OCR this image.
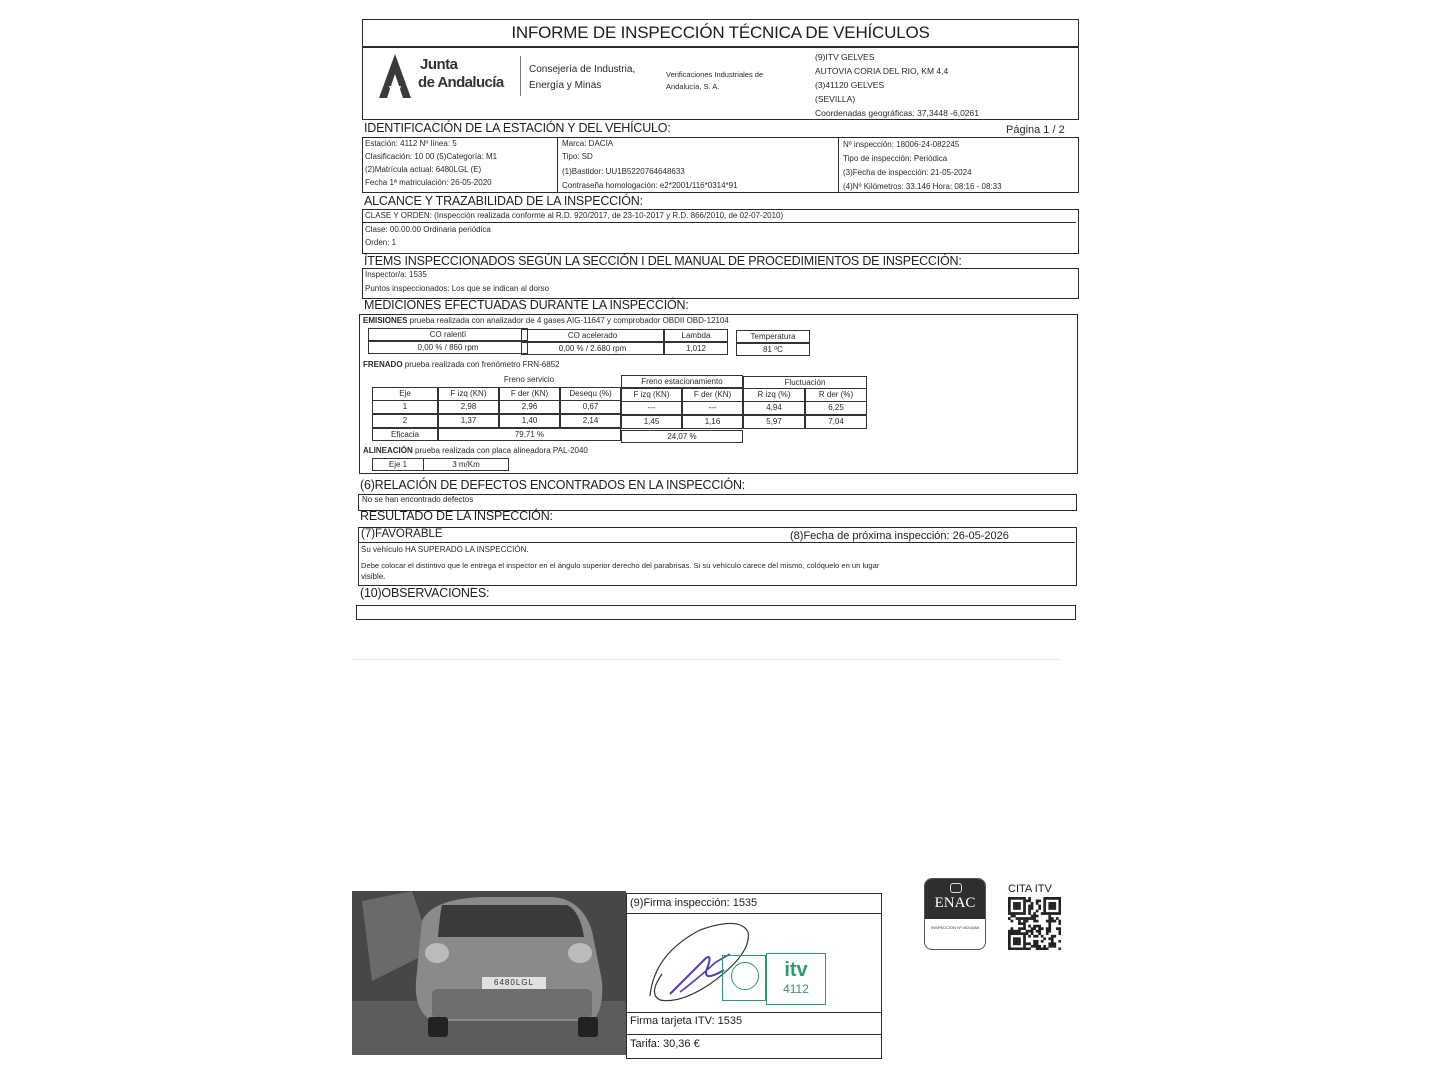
INFORME DE INSPECCIÓN TÉCNICA DE VEHÍCULOS
Junta
de Andalucía
Consejería de Industria,
Energía y Minas
Verificaciones Industriales de
Andalucía, S. A.
(9)ITV GELVES
AUTOVIA CORIA DEL RIO, KM 4,4
(3)41120 GELVES
(SEVILLA)
Coordenadas geográficas: 37,3448 -6,0261
IDENTIFICACIÓN DE LA ESTACIÓN Y DEL VEHÍCULO:	Página 1 / 2
Estación: 4112 Nº línea: 5
Clasificación: 10 00 (5)Categoría: M1
(2)Matrícula actual: 6480LGL (E)
Fecha 1ª matriculación: 26-05-2020
Marca: DACIA
Tipo: SD
(1)Bastidor: UU1B5220764648633
Contraseña homologación: e2*2001/116*0314*91
Nº inspección: 18006-24-082245
Tipo de inspección: Periódica
(3)Fecha de inspección: 21-05-2024
(4)Nº Kilómetros: 33.146 Hora: 08:16 - 08:33
ALCANCE Y TRAZABILIDAD DE LA INSPECCIÓN:
CLASE Y ORDEN: (Inspección realizada conforme al R.D. 920/2017, de 23-10-2017 y R.D. 866/2010, de 02-07-2010)
Clase: 00.00.00 Ordinaria periódica
Orden: 1
ÍTEMS INSPECCIONADOS SEGÚN LA SECCIÓN I DEL MANUAL DE PROCEDIMIENTOS DE INSPECCIÓN:
Inspector/a: 1535
Puntos inspeccionados: Los que se indican al dorso
MEDICIONES EFECTUADAS DURANTE LA INSPECCIÓN:
EMISIONES prueba realizada con analizador de 4 gases AIG-11647 y comprobador OBDII OBD-12104
CO ralentí	CO acelerado	Lambda	Temperatura
0,00 % / 860 rpm	0,00 % / 2.680 rpm	1,012	81 ºC
FRENADO prueba realizada con frenómetro FRN-6852
Freno servicio	Freno estacionamiento	Fluctuación
Eje	F izq (KN)	F der (KN)	Desequ (%)	F izq (KN)	F der (KN)	R izq (%)	R der (%)
1	2,98	2,96	0,67	---	---	4,94	6,25
2	1,37	1,40	2,14	1,45	1,16	5,97	7,04
Eficacia	79,71 %	24,07 %
ALINEACIÓN prueba realizada con placa alineadora PAL-2040
Eje 1	3 m/Km
(6)RELACIÓN DE DEFECTOS ENCONTRADOS EN LA INSPECCIÓN:
No se han encontrado defectos
RESULTADO DE LA INSPECCIÓN:
(7)FAVORABLE	(8)Fecha de próxima inspección: 26-05-2026
Su vehículo HA SUPERADO LA INSPECCIÓN.
Debe colocar el distintivo que le entrega el inspector en el ángulo superior derecho del parabrisas. Si su vehículo carece del mismo, colóquelo en un lugar
visible.
(10)OBSERVACIONES:
6480LGL
(9)Firma inspección: 1535
itv
4112
Firma tarjeta ITV: 1535
Tarifa: 30,36 €
ENAC
INSPECCIÓN Nº 4/D/1088
CITA ITV
